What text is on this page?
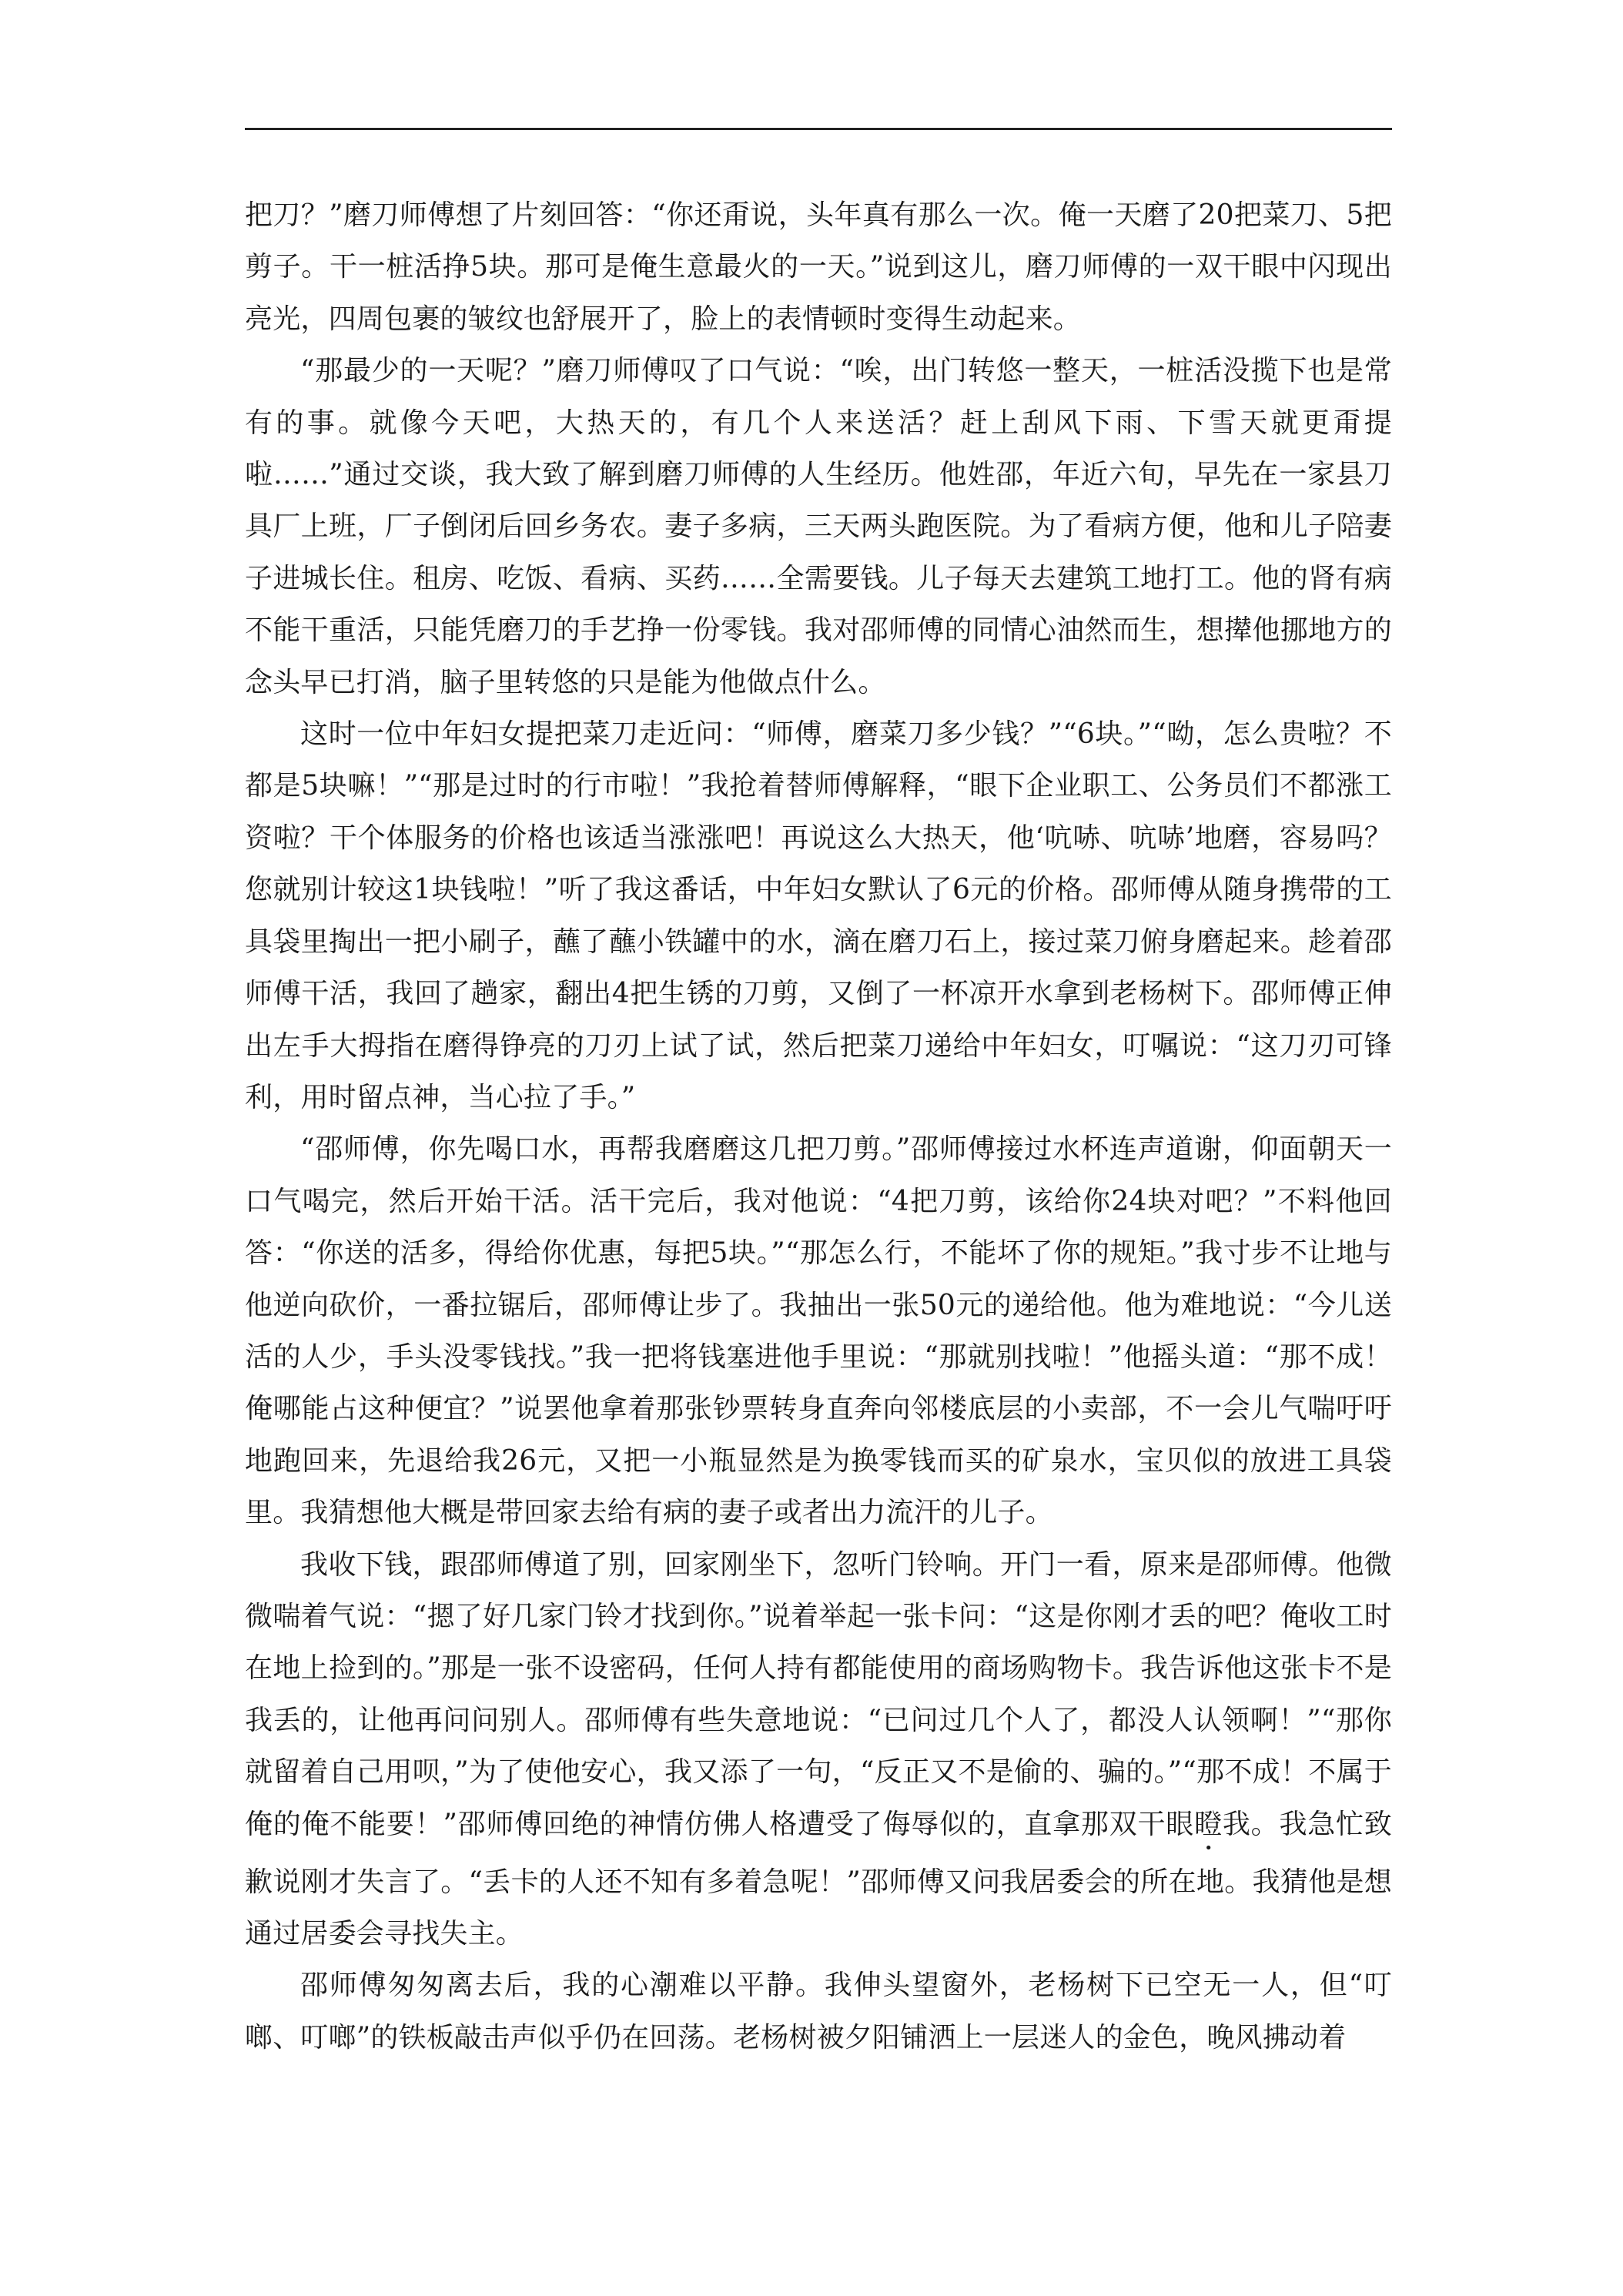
把刀？”磨刀师傅想了片刻回答：“你还甭说，头年真有那么一次。俺一天磨了20把菜刀、5把剪子。干一桩活挣5块。那可是俺生意最火的一天。”说到这儿，磨刀师傅的一双干眼中闪现出亮光，四周包裹的皱纹也舒展开了，脸上的表情顿时变得生动起来。

“那最少的一天呢？”磨刀师傅叹了口气说：“唉，出门转悠一整天，一桩活没揽下也是常有的事。就像今天吧，大热天的，有几个人来送活？赶上刮风下雨、下雪天就更甭提啦……”通过交谈，我大致了解到磨刀师傅的人生经历。他姓邵，年近六旬，早先在一家县刀具厂上班，厂子倒闭后回乡务农。妻子多病，三天两头跑医院。为了看病方便，他和儿子陪妻子进城长住。租房、吃饭、看病、买药……全需要钱。儿子每天去建筑工地打工。他的肾有病不能干重活，只能凭磨刀的手艺挣一份零钱。我对邵师傅的同情心油然而生，想撵他挪地方的念头早已打消，脑子里转悠的只是能为他做点什么。

这时一位中年妇女提把菜刀走近问：“师傅，磨菜刀多少钱？”“6块。”“呦，怎么贵啦？不都是5块嘛！”“那是过时的行市啦！”我抢着替师傅解释，“眼下企业职工、公务员们不都涨工资啦？干个体服务的价格也该适当涨涨吧！再说这么大热天，他‘吭哧、吭哧’地磨，容易吗？您就别计较这1块钱啦！”听了我这番话，中年妇女默认了6元的价格。邵师傅从随身携带的工具袋里掏出一把小刷子，蘸了蘸小铁罐中的水，滴在磨刀石上，接过菜刀俯身磨起来。趁着邵师傅干活，我回了趟家，翻出4把生锈的刀剪，又倒了一杯凉开水拿到老杨树下。邵师傅正伸出左手大拇指在磨得铮亮的刀刃上试了试，然后把菜刀递给中年妇女，叮嘱说：“这刀刃可锋利，用时留点神，当心拉了手。”

“邵师傅，你先喝口水，再帮我磨磨这几把刀剪。”邵师傅接过水杯连声道谢，仰面朝天一口气喝完，然后开始干活。活干完后，我对他说：“4把刀剪，该给你24块对吧？”不料他回答：“你送的活多，得给你优惠，每把5块。”“那怎么行，不能坏了你的规矩。”我寸步不让地与他逆向砍价，一番拉锯后，邵师傅让步了。我抽出一张50元的递给他。他为难地说：“今儿送活的人少，手头没零钱找。”我一把将钱塞进他手里说：“那就别找啦！”他摇头道：“那不成！俺哪能占这种便宜？”说罢他拿着那张钞票转身直奔向邻楼底层的小卖部，不一会儿气喘吁吁地跑回来，先退给我26元，又把一小瓶显然是为换零钱而买的矿泉水，宝贝似的放进工具袋里。我猜想他大概是带回家去给有病的妻子或者出力流汗的儿子。

我收下钱，跟邵师傅道了别，回家刚坐下，忽听门铃响。开门一看，原来是邵师傅。他微微喘着气说：“摁了好几家门铃才找到你。”说着举起一张卡问：“这是你刚才丢的吧？俺收工时在地上捡到的。”那是一张不设密码，任何人持有都能使用的商场购物卡。我告诉他这张卡不是我丢的，让他再问问别人。邵师傅有些失意地说：“已问过几个人了，都没人认领啊！”“那你就留着自己用呗，”为了使他安心，我又添了一句，“反正又不是偷的、骗的。”“那不成！不属于俺的俺不能要！”邵师傅回绝的神情仿佛人格遭受了侮辱似的，直拿那双干眼瞪我。我急忙致歉说刚才失言了。“丢卡的人还不知有多着急呢！”邵师傅又问我居委会的所在地。我猜他是想通过居委会寻找失主。

邵师傅匆匆离去后，我的心潮难以平静。我伸头望窗外，老杨树下已空无一人，但“叮啷、叮啷”的铁板敲击声似乎仍在回荡。老杨树被夕阳铺洒上一层迷人的金色，晚风拂动着
